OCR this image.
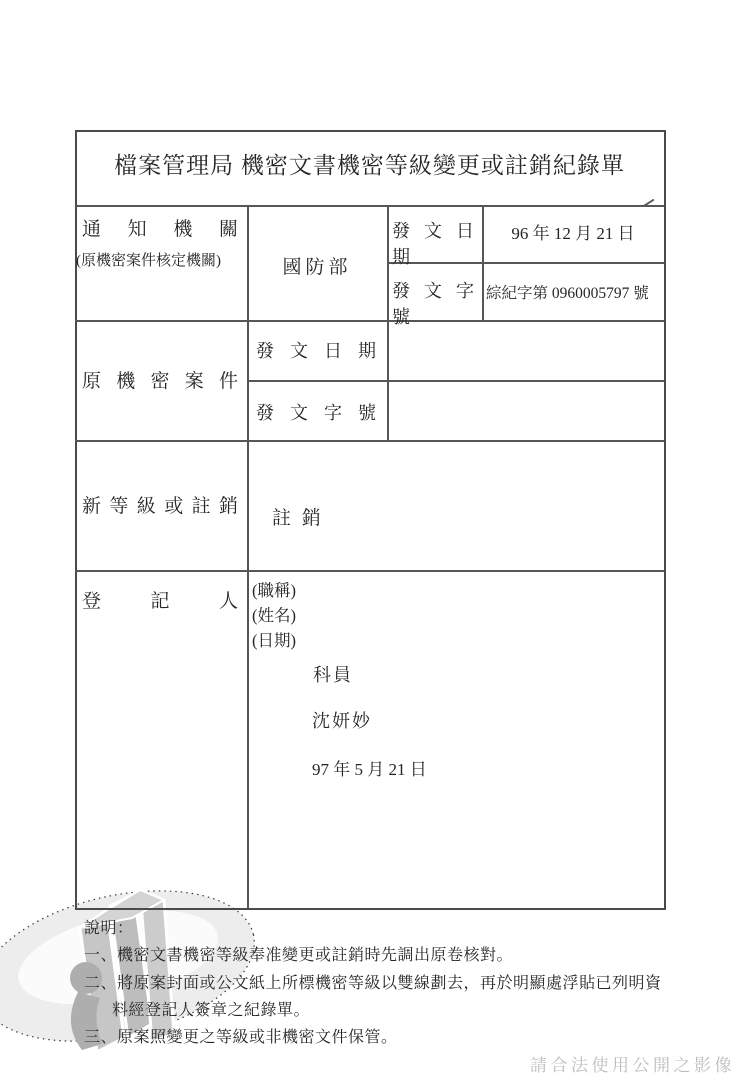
檔案管理局 機密文書機密等級變更或註銷紀錄單
通 知 機 關
(原機密案件核定機關)	國防部
發 文 日 期
96 年 12 月 21 日
發 文 字 號
綜紀字第 0960005797 號
原 機 密 案 件
發 文 日 期
發 文 字 號
新 等 級 或 註 銷
註 銷
登 記 人
(職稱)
(姓名)
(日期)
科員
沈妍妙
97 年 5 月 21 日
說明：
一、機密文書機密等級奉准變更或註銷時先調出原卷核對。
二、將原案封面或公文紙上所標機密等級以雙線劃去，再於明顯處浮貼已列明資
料經登記人簽章之紀錄單。
三、原案照變更之等級或非機密文件保管。
請合法使用公開之影像
